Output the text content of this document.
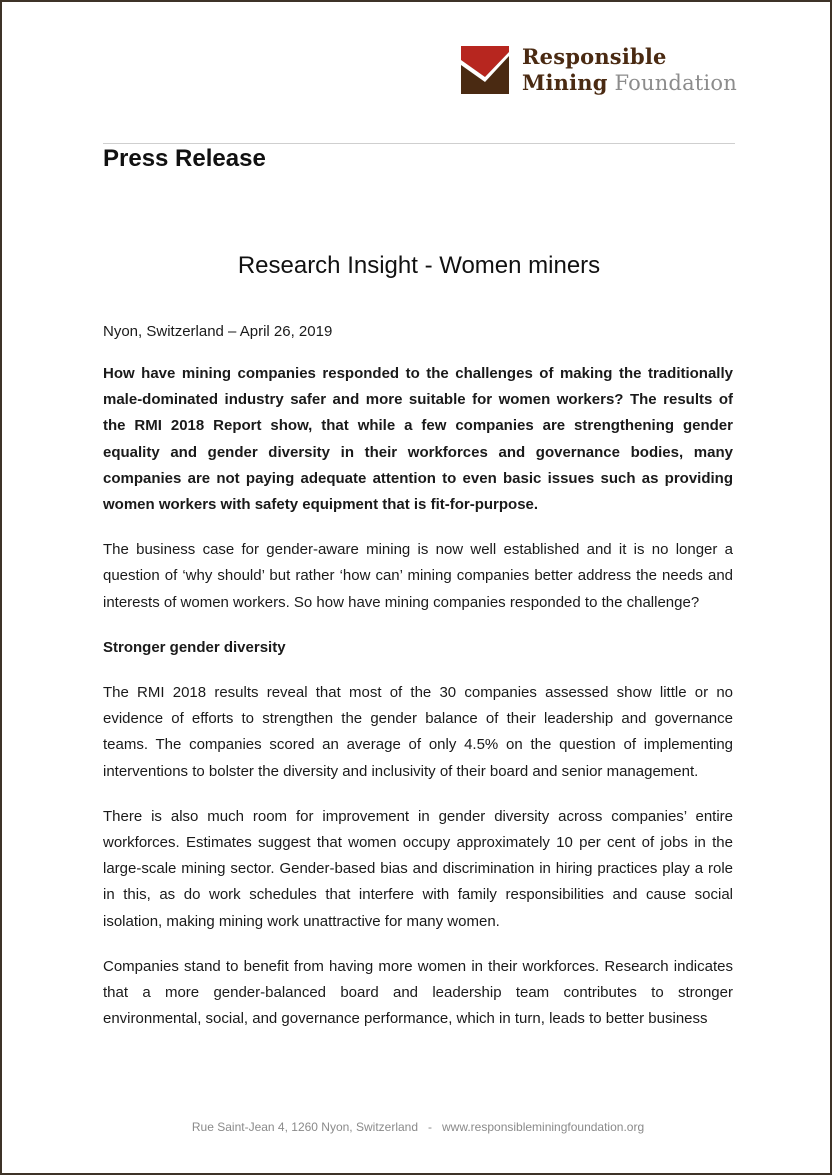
Responsible
Mining Foundation
Press Release
Research Insight - Women miners
Nyon, Switzerland – April 26, 2019

How have mining companies responded to the challenges of making the traditionally male-dominated industry safer and more suitable for women workers? The results of the RMI 2018 Report show, that while a few companies are strengthening gender equality and gender diversity in their workforces and governance bodies, many companies are not paying adequate attention to even basic issues such as providing women workers with safety equipment that is fit-for-purpose.

The business case for gender-aware mining is now well established and it is no longer a question of ‘why should’ but rather ‘how can’ mining companies better address the needs and interests of women workers. So how have mining companies responded to the challenge?

Stronger gender diversity

The RMI 2018 results reveal that most of the 30 companies assessed show little or no evidence of efforts to strengthen the gender balance of their leadership and governance teams. The companies scored an average of only 4.5% on the question of implementing interventions to bolster the diversity and inclusivity of their board and senior management.

There is also much room for improvement in gender diversity across companies’ entire workforces. Estimates suggest that women occupy approximately 10 per cent of jobs in the large-scale mining sector. Gender-based bias and discrimination in hiring practices play a role in this, as do work schedules that interfere with family responsibilities and cause social isolation, making mining work unattractive for many women.

Companies stand to benefit from having more women in their workforces. Research indicates that a more gender-balanced board and leadership team contributes to stronger environmental, social, and governance performance, which in turn, leads to better business

Rue Saint-Jean 4, 1260 Nyon, Switzerland   -   www.responsibleminingfoundation.org
